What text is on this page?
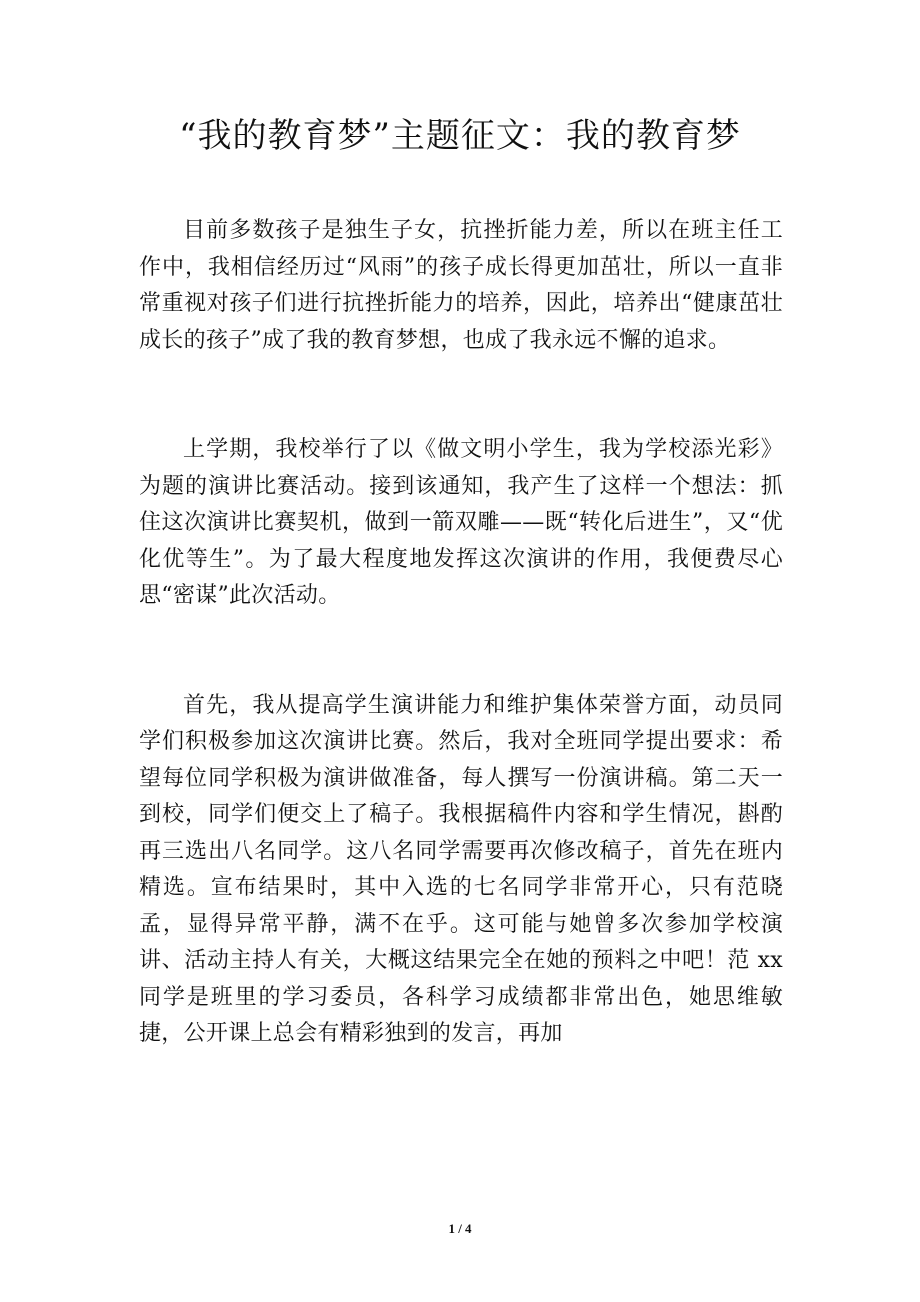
“我的教育梦”主题征文：我的教育梦

目前多数孩子是独生子女，抗挫折能力差，所以在班主任工作中，我相信经历过“风雨”的孩子成长得更加茁壮，所以一直非常重视对孩子们进行抗挫折能力的培养，因此，培养出“健康茁壮成长的孩子”成了我的教育梦想，也成了我永远不懈的追求。

上学期，我校举行了以《做文明小学生，我为学校添光彩》为题的演讲比赛活动。接到该通知，我产生了这样一个想法：抓住这次演讲比赛契机，做到一箭双雕——既“转化后进生”，又“优化优等生”。为了最大程度地发挥这次演讲的作用，我便费尽心思“密谋”此次活动。

首先，我从提高学生演讲能力和维护集体荣誉方面，动员同学们积极参加这次演讲比赛。然后，我对全班同学提出要求：希望每位同学积极为演讲做准备，每人撰写一份演讲稿。第二天一到校，同学们便交上了稿子。我根据稿件内容和学生情况，斟酌再三选出八名同学。这八名同学需要再次修改稿子，首先在班内精选。宣布结果时，其中入选的七名同学非常开心，只有范晓孟，显得异常平静，满不在乎。这可能与她曾多次参加学校演讲、活动主持人有关，大概这结果完全在她的预料之中吧！范 xx 同学是班里的学习委员，各科学习成绩都非常出色，她思维敏捷，公开课上总会有精彩独到的发言，再加

1 / 4
